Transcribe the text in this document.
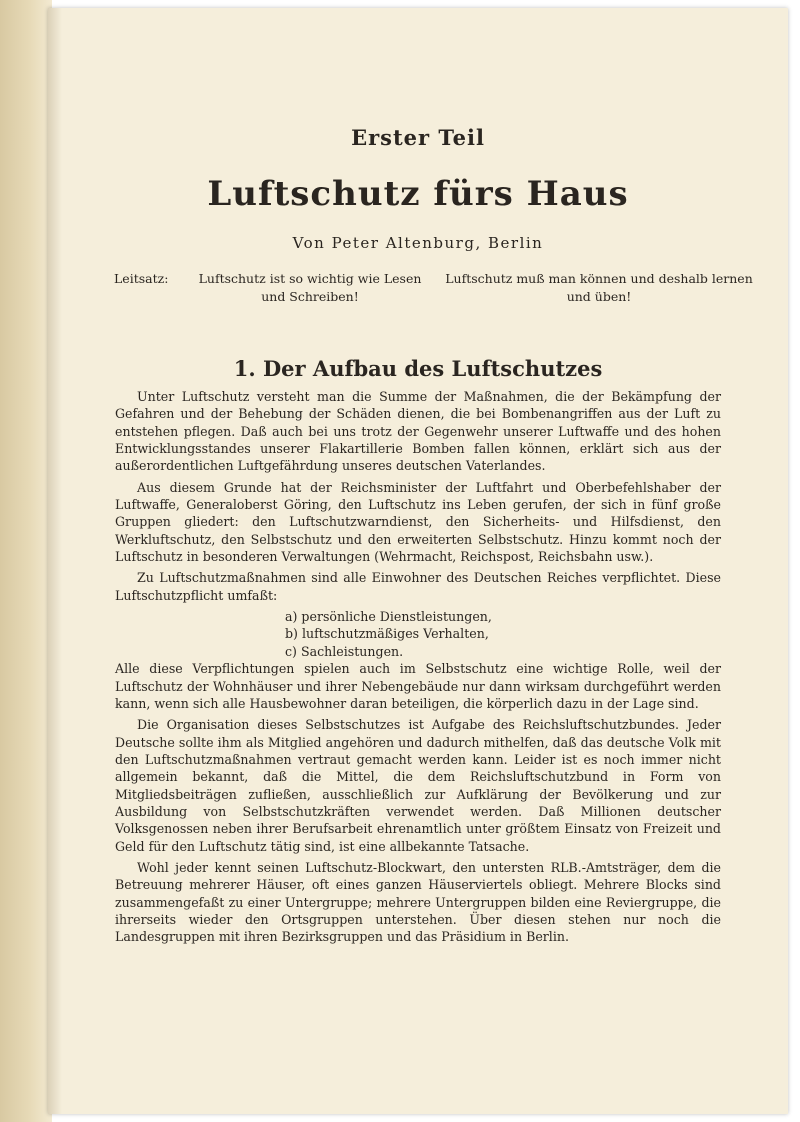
Erster Teil
Luftschutz fürs Haus
Von Peter Altenburg, Berlin
Leitsatz:	Luftschutz ist so wichtig wie Lesen und Schreiben!
Luftschutz muß man können und deshalb lernen und üben!
1. Der Aufbau des Luftschutzes

Unter Luftschutz versteht man die Summe der Maßnahmen, die der Bekämpfung der Gefahren und der Behebung der Schäden dienen, die bei Bombenangriffen aus der Luft zu entstehen pflegen. Daß auch bei uns trotz der Gegenwehr unserer Luftwaffe und des hohen Entwicklungsstandes unserer Flakartillerie Bomben fallen können, erklärt sich aus der außerordentlichen Luftgefährdung unseres deutschen Vaterlandes.

Aus diesem Grunde hat der Reichsminister der Luftfahrt und Oberbefehlshaber der Luftwaffe, Generaloberst Göring, den Luftschutz ins Leben gerufen, der sich in fünf große Gruppen gliedert: den Luftschutzwarndienst, den Sicherheits- und Hilfsdienst, den Werkluftschutz, den Selbstschutz und den erweiterten Selbstschutz. Hinzu kommt noch der Luftschutz in besonderen Verwaltungen (Wehrmacht, Reichspost, Reichsbahn usw.).

Zu Luftschutzmaßnahmen sind alle Einwohner des Deutschen Reiches verpflichtet. Diese Luftschutzpflicht umfaßt:

a) persönliche Dienstleistungen,
b) luftschutzmäßiges Verhalten,
c) Sachleistungen.

Alle diese Verpflichtungen spielen auch im Selbstschutz eine wichtige Rolle, weil der Luftschutz der Wohnhäuser und ihrer Nebengebäude nur dann wirksam durchgeführt werden kann, wenn sich alle Hausbewohner daran beteiligen, die körperlich dazu in der Lage sind.

Die Organisation dieses Selbstschutzes ist Aufgabe des Reichsluftschutzbundes. Jeder Deutsche sollte ihm als Mitglied angehören und dadurch mithelfen, daß das deutsche Volk mit den Luftschutzmaßnahmen vertraut gemacht werden kann. Leider ist es noch immer nicht allgemein bekannt, daß die Mittel, die dem Reichsluftschutzbund in Form von Mitgliedsbeiträgen zufließen, ausschließlich zur Aufklärung der Bevölkerung und zur Ausbildung von Selbstschutzkräften verwendet werden. Daß Millionen deutscher Volksgenossen neben ihrer Berufsarbeit ehrenamtlich unter größtem Einsatz von Freizeit und Geld für den Luftschutz tätig sind, ist eine allbekannte Tatsache.

Wohl jeder kennt seinen Luftschutz-Blockwart, den untersten RLB.-Amtsträger, dem die Betreuung mehrerer Häuser, oft eines ganzen Häuserviertels obliegt. Mehrere Blocks sind zusammengefaßt zu einer Untergruppe; mehrere Untergruppen bilden eine Reviergruppe, die ihrerseits wieder den Ortsgruppen unterstehen. Über diesen stehen nur noch die Landesgruppen mit ihren Bezirksgruppen und das Präsidium in Berlin.
